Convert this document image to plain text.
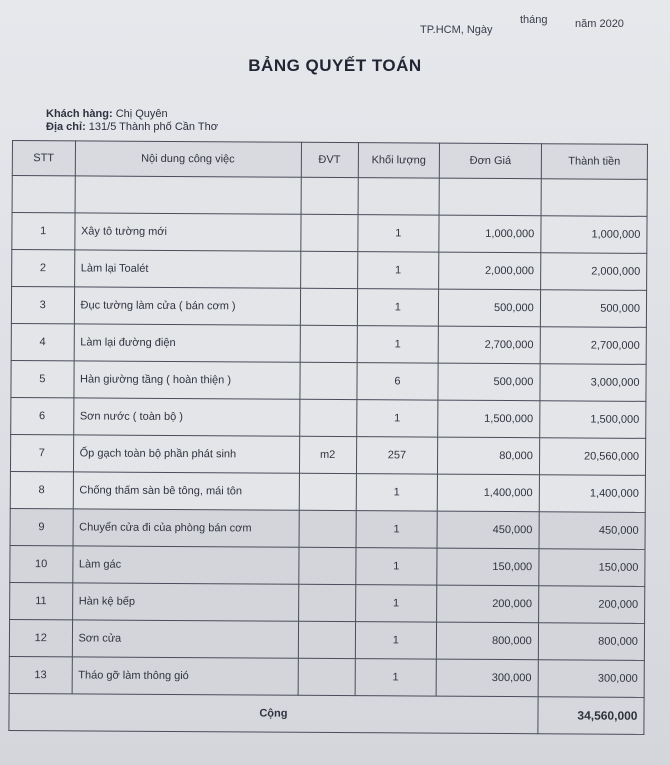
TP.HCM, Ngày
tháng năm 2020
BẢNG QUYẾT TOÁN
Khách hàng: Chị Quyên
Địa chỉ: 131/5 Thành phố Cần Thơ
STT	Nội dung công việc	ĐVT	Khối lượng	Đơn Giá	Thành tiền

1	Xây tô tường mới		1	1,000,000	1,000,000
2	Làm lại Toalét		1	2,000,000	2,000,000
3	Đục tường làm cửa ( bán cơm )		1	500,000	500,000
4	Làm lại đường điện		1	2,700,000	2,700,000
5	Hàn giường tầng ( hoàn thiện )		6	500,000	3,000,000
6	Sơn nước ( toàn bộ )		1	1,500,000	1,500,000
7	Ốp gạch toàn bộ phần phát sinh	m2	257	80,000	20,560,000
8	Chống thấm sàn bê tông, mái tôn		1	1,400,000	1,400,000
9	Chuyển cửa đi của phòng bán cơm		1	450,000	450,000
10	Làm gác		1	150,000	150,000
11	Hàn kệ bếp		1	200,000	200,000
12	Sơn cửa		1	800,000	800,000
13	Tháo gỡ làm thông gió		1	300,000	300,000
Cộng					34,560,000
